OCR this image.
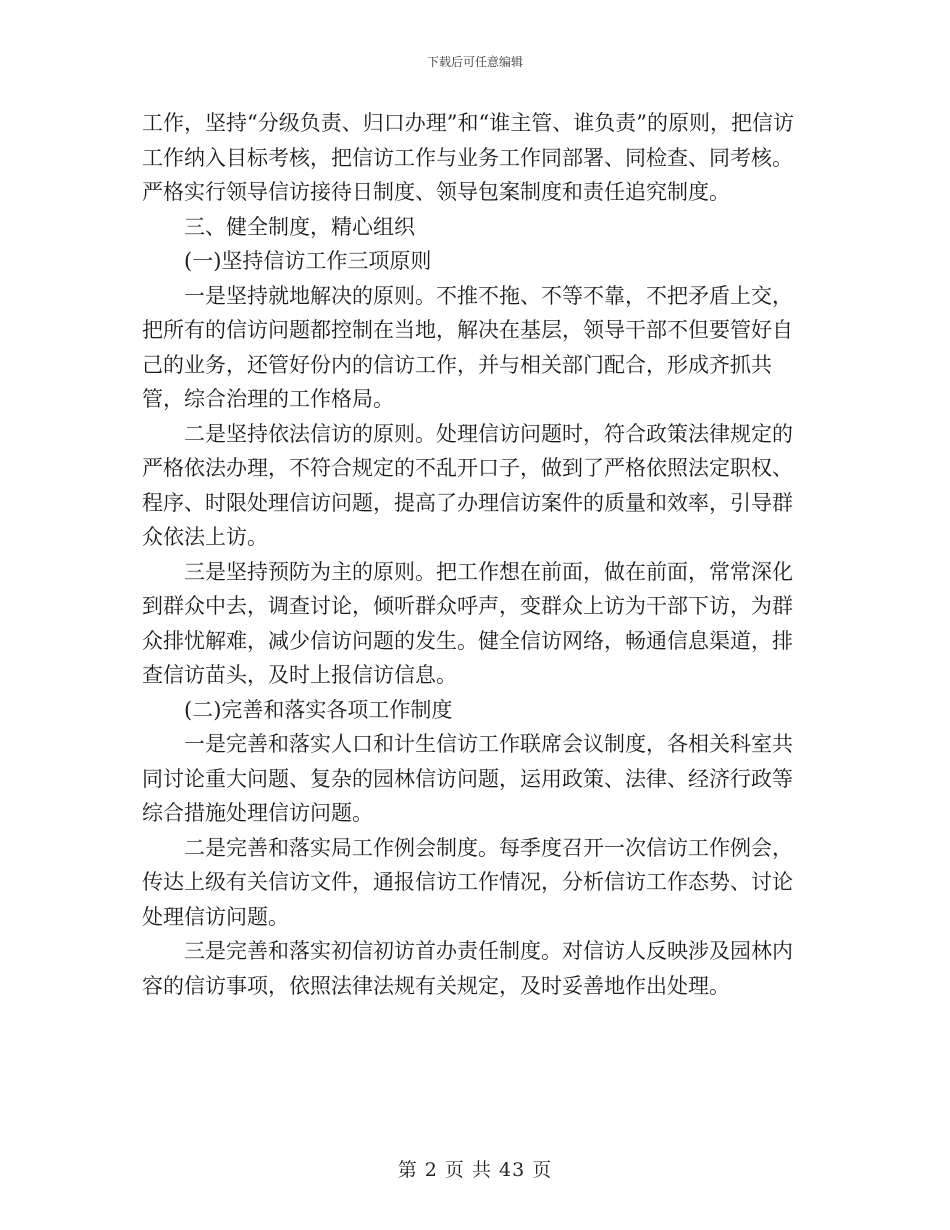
下载后可任意编辑

工作，坚持“分级负责、归口办理”和“谁主管、谁负责”的原则，把信访工作纳入目标考核，把信访工作与业务工作同部署、同检查、同考核。严格实行领导信访接待日制度、领导包案制度和责任追究制度。

三、健全制度，精心组织

(一)坚持信访工作三项原则

一是坚持就地解决的原则。不推不拖、不等不靠，不把矛盾上交，把所有的信访问题都控制在当地，解决在基层，领导干部不但要管好自己的业务，还管好份内的信访工作，并与相关部门配合，形成齐抓共管，综合治理的工作格局。

二是坚持依法信访的原则。处理信访问题时，符合政策法律规定的严格依法办理，不符合规定的不乱开口子，做到了严格依照法定职权、程序、时限处理信访问题，提高了办理信访案件的质量和效率，引导群众依法上访。

三是坚持预防为主的原则。把工作想在前面，做在前面，常常深化到群众中去，调查讨论，倾听群众呼声，变群众上访为干部下访，为群众排忧解难，减少信访问题的发生。健全信访网络，畅通信息渠道，排查信访苗头，及时上报信访信息。

(二)完善和落实各项工作制度

一是完善和落实人口和计生信访工作联席会议制度，各相关科室共同讨论重大问题、复杂的园林信访问题，运用政策、法律、经济行政等综合措施处理信访问题。

二是完善和落实局工作例会制度。每季度召开一次信访工作例会，传达上级有关信访文件，通报信访工作情况，分析信访工作态势、讨论处理信访问题。

三是完善和落实初信初访首办责任制度。对信访人反映涉及园林内容的信访事项，依照法律法规有关规定，及时妥善地作出处理。

第 2 页 共 43 页
